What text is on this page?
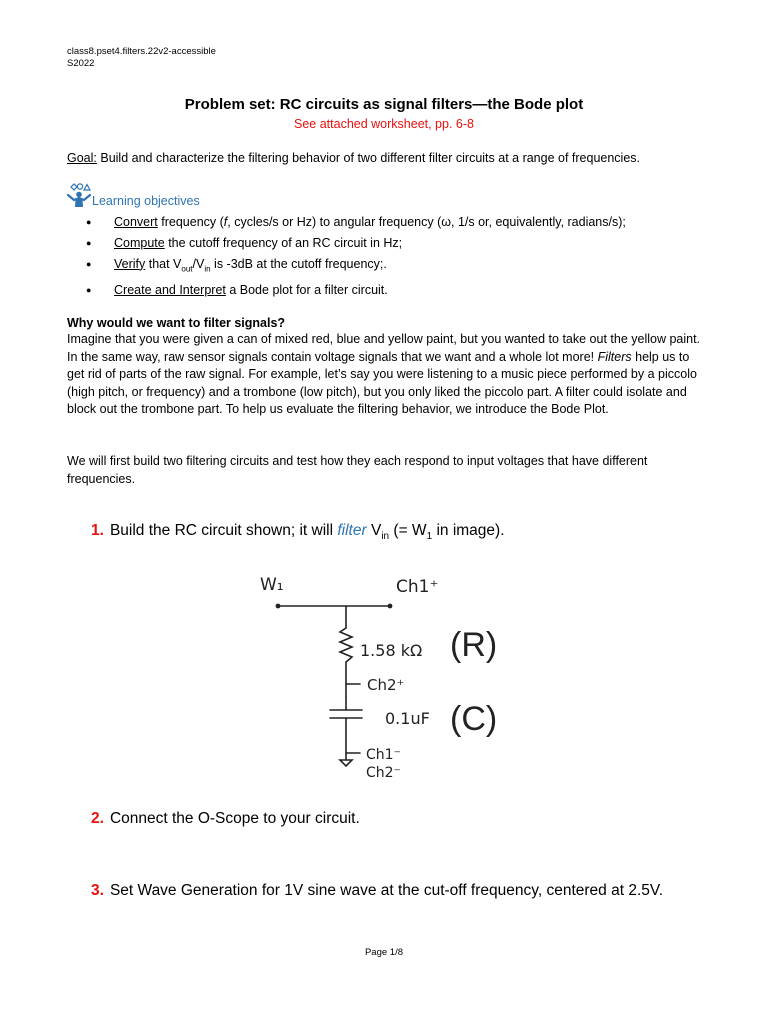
class8.pset4.filters.22v2-accessible
S2022
Problem set: RC circuits as signal filters—the Bode plot
See attached worksheet, pp. 6-8
Goal: Build and characterize the filtering behavior of two different filter circuits at a range of frequencies.
Learning objectives
● Convert frequency (f, cycles/s or Hz) to angular frequency (ω, 1/s or, equivalently, radians/s);
● Compute the cutoff frequency of an RC circuit in Hz;
● Verify that $V_{out}/V_{in}$ is -3dB at the cutoff frequency;.
● Create and Interpret a Bode plot for a filter circuit.
Why would we want to filter signals?
Imagine that you were given a can of mixed red, blue and yellow paint, but you wanted to take out the yellow paint. In the same way, raw sensor signals contain voltage signals that we want and a whole lot more! Filters help us to get rid of parts of the raw signal. For example, let’s say you were listening to a music piece performed by a piccolo (high pitch, or frequency) and a trombone (low pitch), but you only liked the piccolo part. A filter could isolate and block out the trombone part. To help us evaluate the filtering behavior, we introduce the Bode Plot.
We will first build two filtering circuits and test how they each respond to input voltages that have different frequencies.
1. Build the RC circuit shown; it will filter $V_{in}$ (= $W_1$ in image).
W₁	Ch1⁺
1.58 kΩ (R)
Ch2⁺
0.1uF (C)
Ch1⁻
Ch2⁻
2. Connect the O-Scope to your circuit.
3. Set Wave Generation for 1V sine wave at the cut-off frequency, centered at 2.5V.
Page 1/8
